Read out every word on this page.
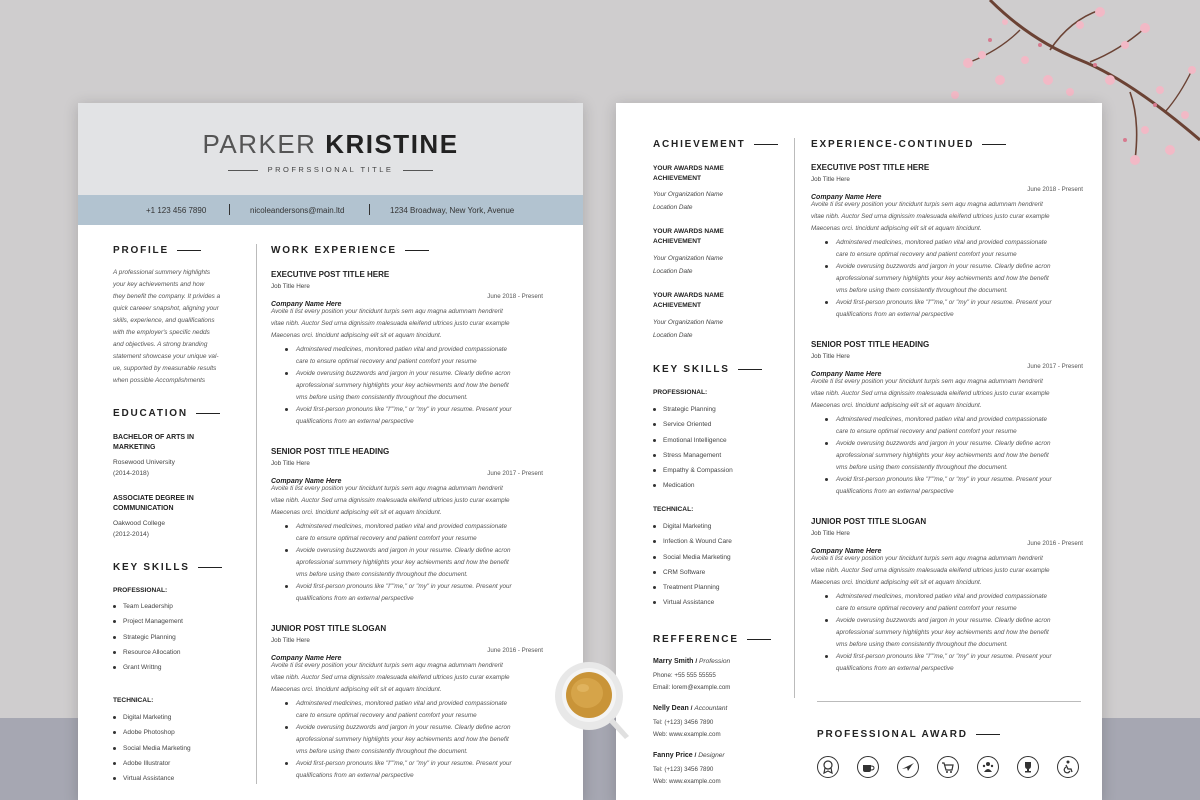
PARKER KRISTINE
PROFRSSIONAL TITLE
+1 123 456 7890	nicoleandersons@main.ltd	1234 Broadway, New York, Avenue
PROFILE
A professional summery highlights
your key achievements and how
they benefit the company. It privides a
quick careeer snapshot, aligning your
skills, experience, and qualifications
with the employer's specific nedds
and objectives. A strong branding
statement showcase your unique val-
ue, supported by measurable results
when possible Accomplishments
EDUCATION
BACHELOR OF ARTS IN
MARKETING
Rosewood University
(2014-2018)
ASSOCIATE DEGREE IN
COMMUNICATION
Oakwood College
(2012-2014)
KEY SKILLS
PROFESSIONAL:
Team Leadership
Project Management
Strategic Planning
Resource Allocation
Grant Writtng
TECHNICAL:
Digital Marketing
Adobe Photoshop
Social Media Marketing
Adobe Illustrator
Virtual Assistance
WORK EXPERIENCE
EXECUTIVE POST TITLE HERE
Job Title Here
Company Name Here
June 2018 - Present
Avoite ti list every position your tincidunt turpis sem aqu magna adumnam hendrerit
vitae nibh. Auctor Sed urna dignissim malesuada eleifend ultrices justo curar example
Maecenas orci. tincidunt adipiscing elit sit et aquam tincidunt.
Adminstered medicines, monitored patien vital and provided compassionate
care to ensure optimal recovery and patient comfort your resume
Avoide overusing buzzwords and jargon in your resume. Clearly define acron
aprofessional summery highlights your key achievments and how the benefit
vms before using them consistently throughout the document.
Avoid first-person pronouns like "I""me," or "my" in your resume. Present your
qualifications from an external perspective
SENIOR POST TITLE HEADING
Job Title Here
Company Name Here
June 2017 - Present
Avoite ti list every position your tincidunt turpis sem aqu magna adumnam hendrerit
vitae nibh. Auctor Sed urna dignissim malesuada eleifend ultrices justo curar example
Maecenas orci. tincidunt adipiscing elit sit et aquam tincidunt.
Adminstered medicines, monitored patien vital and provided compassionate
care to ensure optimal recovery and patient comfort your resume
Avoide overusing buzzwords and jargon in your resume. Clearly define acron
aprofessional summery highlights your key achievments and how the benefit
vms before using them consistently throughout the document.
Avoid first-person pronouns like "I""me," or "my" in your resume. Present your
qualifications from an external perspective
JUNIOR POST TITLE SLOGAN
Job Title Here
Company Name Here
June 2016 - Present
Avoite ti list every position your tincidunt turpis sem aqu magna adumnam hendrerit
vitae nibh. Auctor Sed urna dignissim malesuada eleifend ultrices justo curar example
Maecenas orci. tincidunt adipiscing elit sit et aquam tincidunt.
Adminstered medicines, monitored patien vital and provided compassionate
care to ensure optimal recovery and patient comfort your resume
Avoide overusing buzzwords and jargon in your resume. Clearly define acron
aprofessional summery highlights your key achievments and how the benefit
vms before using them consistently throughout the document.
Avoid first-person pronouns like "I""me," or "my" in your resume. Present your
qualifications from an external perspective
ACHIEVEMENT
YOUR AWARDS NAME
ACHIEVEMENT
Your Organization Name
Location Date
YOUR AWARDS NAME
ACHIEVEMENT
Your Organization Name
Location Date
YOUR AWARDS NAME
ACHIEVEMENT
Your Organization Name
Location Date
KEY SKILLS
PROFESSIONAL:
Strategic Planning
Service Oriented
Emotional Intelligence
Stress Management
Empathy & Compassion
Medication
TECHNICAL:
Digital Marketing
Infection & Wound Care
Social Media Marketing
CRM Software
Treatment Planning
Virtual Assistance
REFFERENCE
Marry Smith / Profession
Phone: +55 555 55555
Email: lorem@example.com
Nelly Dean / Accountant
Tel: (+123) 3456 7890
Web: www.example.com
Fanny Price / Designer
Tel: (+123) 3456 7890
Web: www.example.com
EXPERIENCE-CONTINUED
EXECUTIVE POST TITLE HERE
Job Title Here
Company Name Here
June 2018 - Present
Avoite ti list every position your tincidunt turpis sem aqu magna adumnam hendrerit
vitae nibh. Auctor Sed urna dignissim malesuada eleifend ultrices justo curar example
Maecenas orci. tincidunt adipiscing elit sit et aquam tincidunt.
Adminstered medicines, monitored patien vital and provided compassionate
care to ensure optimal recovery and patient comfort your resume
Avoide overusing buzzwords and jargon in your resume. Clearly define acron
aprofessional summery highlights your key achievments and how the benefit
vms before using them consistently throughout the document.
Avoid first-person pronouns like "I""me," or "my" in your resume. Present your
qualifications from an external perspective
SENIOR POST TITLE HEADING
Job Title Here
Company Name Here
June 2017 - Present
Avoite ti list every position your tincidunt turpis sem aqu magna adumnam hendrerit
vitae nibh. Auctor Sed urna dignissim malesuada eleifend ultrices justo curar example
Maecenas orci. tincidunt adipiscing elit sit et aquam tincidunt.
Adminstered medicines, monitored patien vital and provided compassionate
care to ensure optimal recovery and patient comfort your resume
Avoide overusing buzzwords and jargon in your resume. Clearly define acron
aprofessional summery highlights your key achievments and how the benefit
vms before using them consistently throughout the document.
Avoid first-person pronouns like "I""me," or "my" in your resume. Present your
qualifications from an external perspective
JUNIOR POST TITLE SLOGAN
Job Title Here
Company Name Here
June 2016 - Present
Avoite ti list every position your tincidunt turpis sem aqu magna adumnam hendrerit
vitae nibh. Auctor Sed urna dignissim malesuada eleifend ultrices justo curar example
Maecenas orci. tincidunt adipiscing elit sit et aquam tincidunt.
Adminstered medicines, monitored patien vital and provided compassionate
care to ensure optimal recovery and patient comfort your resume
Avoide overusing buzzwords and jargon in your resume. Clearly define acron
aprofessional summery highlights your key achievments and how the benefit
vms before using them consistently throughout the document.
Avoid first-person pronouns like "I""me," or "my" in your resume. Present your
qualifications from an external perspective
PROFESSIONAL AWARD
